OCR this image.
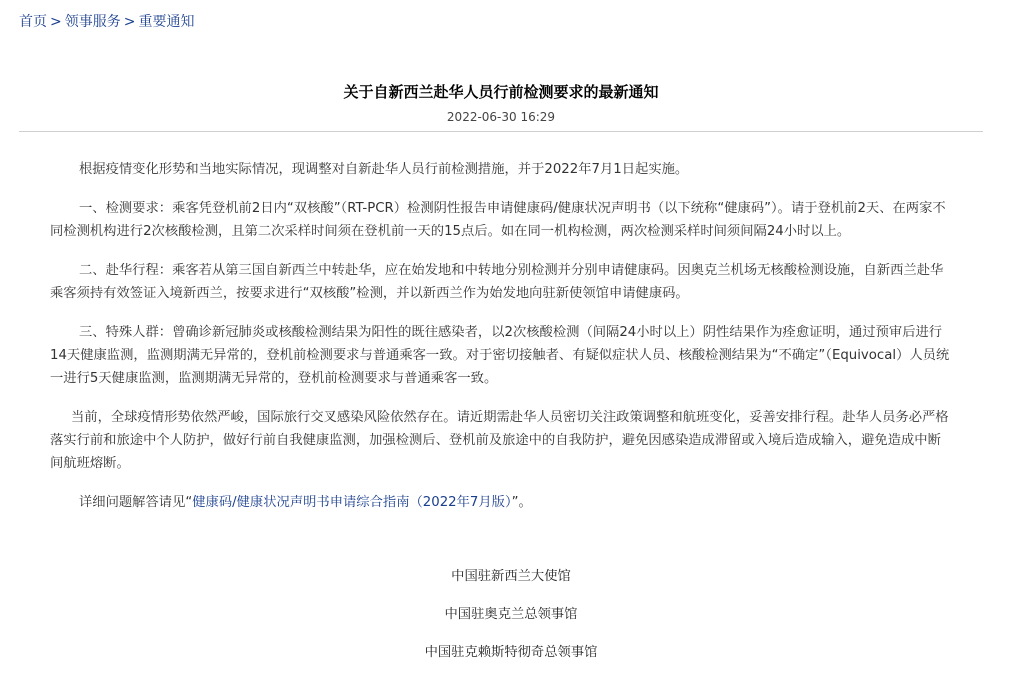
首页 > 领事服务 > 重要通知
关于自新西兰赴华人员行前检测要求的最新通知
2022-06-30 16:29

根据疫情变化形势和当地实际情况，现调整对自新赴华人员行前检测措施，并于2022年7月1日起实施。

一、检测要求：乘客凭登机前2日内“双核酸”（RT-PCR）检测阴性报告申请健康码/健康状况声明书（以下统称“健康码”）。请于登机前2天、在两家不同检测机构进行2次核酸检测，且第二次采样时间须在登机前一天的15点后。如在同一机构检测，两次检测采样时间须间隔24小时以上。

二、赴华行程：乘客若从第三国自新西兰中转赴华，应在始发地和中转地分别检测并分别申请健康码。因奥克兰机场无核酸检测设施，自新西兰赴华乘客须持有效签证入境新西兰，按要求进行“双核酸”检测，并以新西兰作为始发地向驻新使领馆申请健康码。

三、特殊人群：曾确诊新冠肺炎或核酸检测结果为阳性的既往感染者，以2次核酸检测（间隔24小时以上）阴性结果作为痊愈证明，通过预审后进行14天健康监测，监测期满无异常的，登机前检测要求与普通乘客一致。对于密切接触者、有疑似症状人员、核酸检测结果为“不确定”（Equivocal）人员统一进行5天健康监测，监测期满无异常的，登机前检测要求与普通乘客一致。

当前，全球疫情形势依然严峻，国际旅行交叉感染风险依然存在。请近期需赴华人员密切关注政策调整和航班变化，妥善安排行程。赴华人员务必严格落实行前和旅途中个人防护，做好行前自我健康监测，加强检测后、登机前及旅途中的自我防护，避免因感染造成滞留或入境后造成输入，避免造成中断间航班熔断。

详细问题解答请见“健康码/健康状况声明书申请综合指南（2022年7月版）”。

中国驻新西兰大使馆
中国驻奥克兰总领事馆
中国驻克赖斯特彻奇总领事馆
